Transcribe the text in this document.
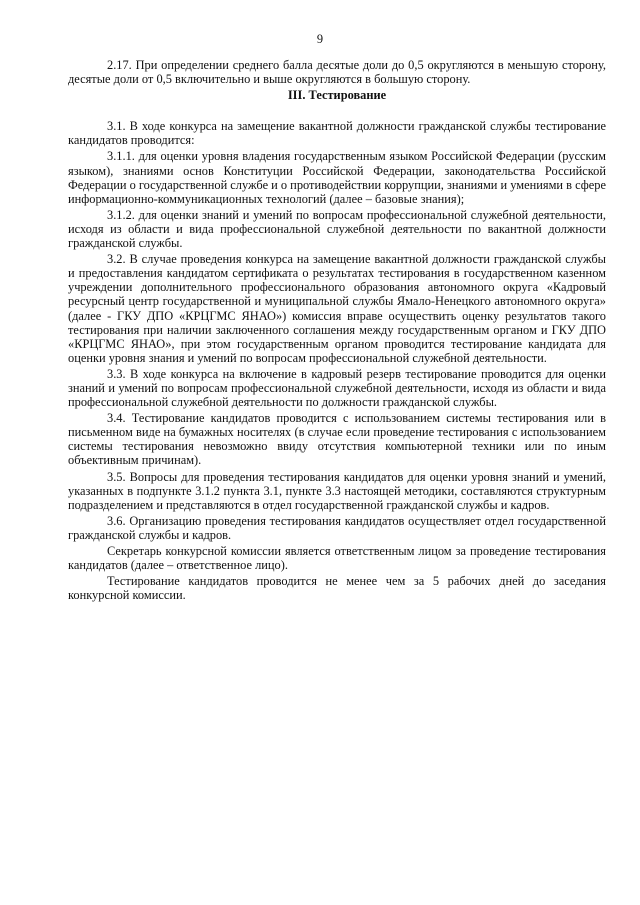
9

2.17. При определении среднего балла десятые доли до 0,5 округляются в меньшую сторону, десятые доли от 0,5 включительно и выше округляются в большую сторону.

III. Тестирование

3.1. В ходе конкурса на замещение вакантной должности гражданской службы тестирование кандидатов проводится:

3.1.1. для оценки уровня владения государственным языком Российской Федерации (русским языком), знаниями основ Конституции Российской Федерации, законодательства Российской Федерации о государственной службе и о противодействии коррупции, знаниями и умениями в сфере информационно-коммуникационных технологий (далее – базовые знания);

3.1.2. для оценки знаний и умений по вопросам профессиональной служебной деятельности, исходя из области и вида профессиональной служебной деятельности по вакантной должности гражданской службы.

3.2. В случае проведения конкурса на замещение вакантной должности гражданской службы и предоставления кандидатом сертификата о результатах тестирования в государственном казенном учреждении дополнительного профессионального образования автономного округа «Кадровый ресурсный центр государственной и муниципальной службы Ямало-Ненецкого автономного округа» (далее - ГКУ ДПО «КРЦГМС ЯНАО») комиссия вправе осуществить оценку результатов такого тестирования при наличии заключенного соглашения между государственным органом и ГКУ ДПО «КРЦГМС ЯНАО», при этом государственным органом проводится тестирование кандидата для оценки уровня знания и умений по вопросам профессиональной служебной деятельности.

3.3. В ходе конкурса на включение в кадровый резерв тестирование проводится для оценки знаний и умений по вопросам профессиональной служебной деятельности, исходя из области и вида профессиональной служебной деятельности по должности гражданской службы.

3.4. Тестирование кандидатов проводится с использованием системы тестирования или в письменном виде на бумажных носителях (в случае если проведение тестирования с использованием системы тестирования невозможно ввиду отсутствия компьютерной техники или по иным объективным причинам).

3.5. Вопросы для проведения тестирования кандидатов для оценки уровня знаний и умений, указанных в подпункте 3.1.2 пункта 3.1, пункте 3.3 настоящей методики, составляются структурным подразделением и представляются в отдел государственной гражданской службы и кадров.

3.6. Организацию проведения тестирования кандидатов осуществляет отдел государственной гражданской службы и кадров.

Секретарь конкурсной комиссии является ответственным лицом за проведение тестирования кандидатов (далее – ответственное лицо).

Тестирование кандидатов проводится не менее чем за 5 рабочих дней до заседания конкурсной комиссии.
